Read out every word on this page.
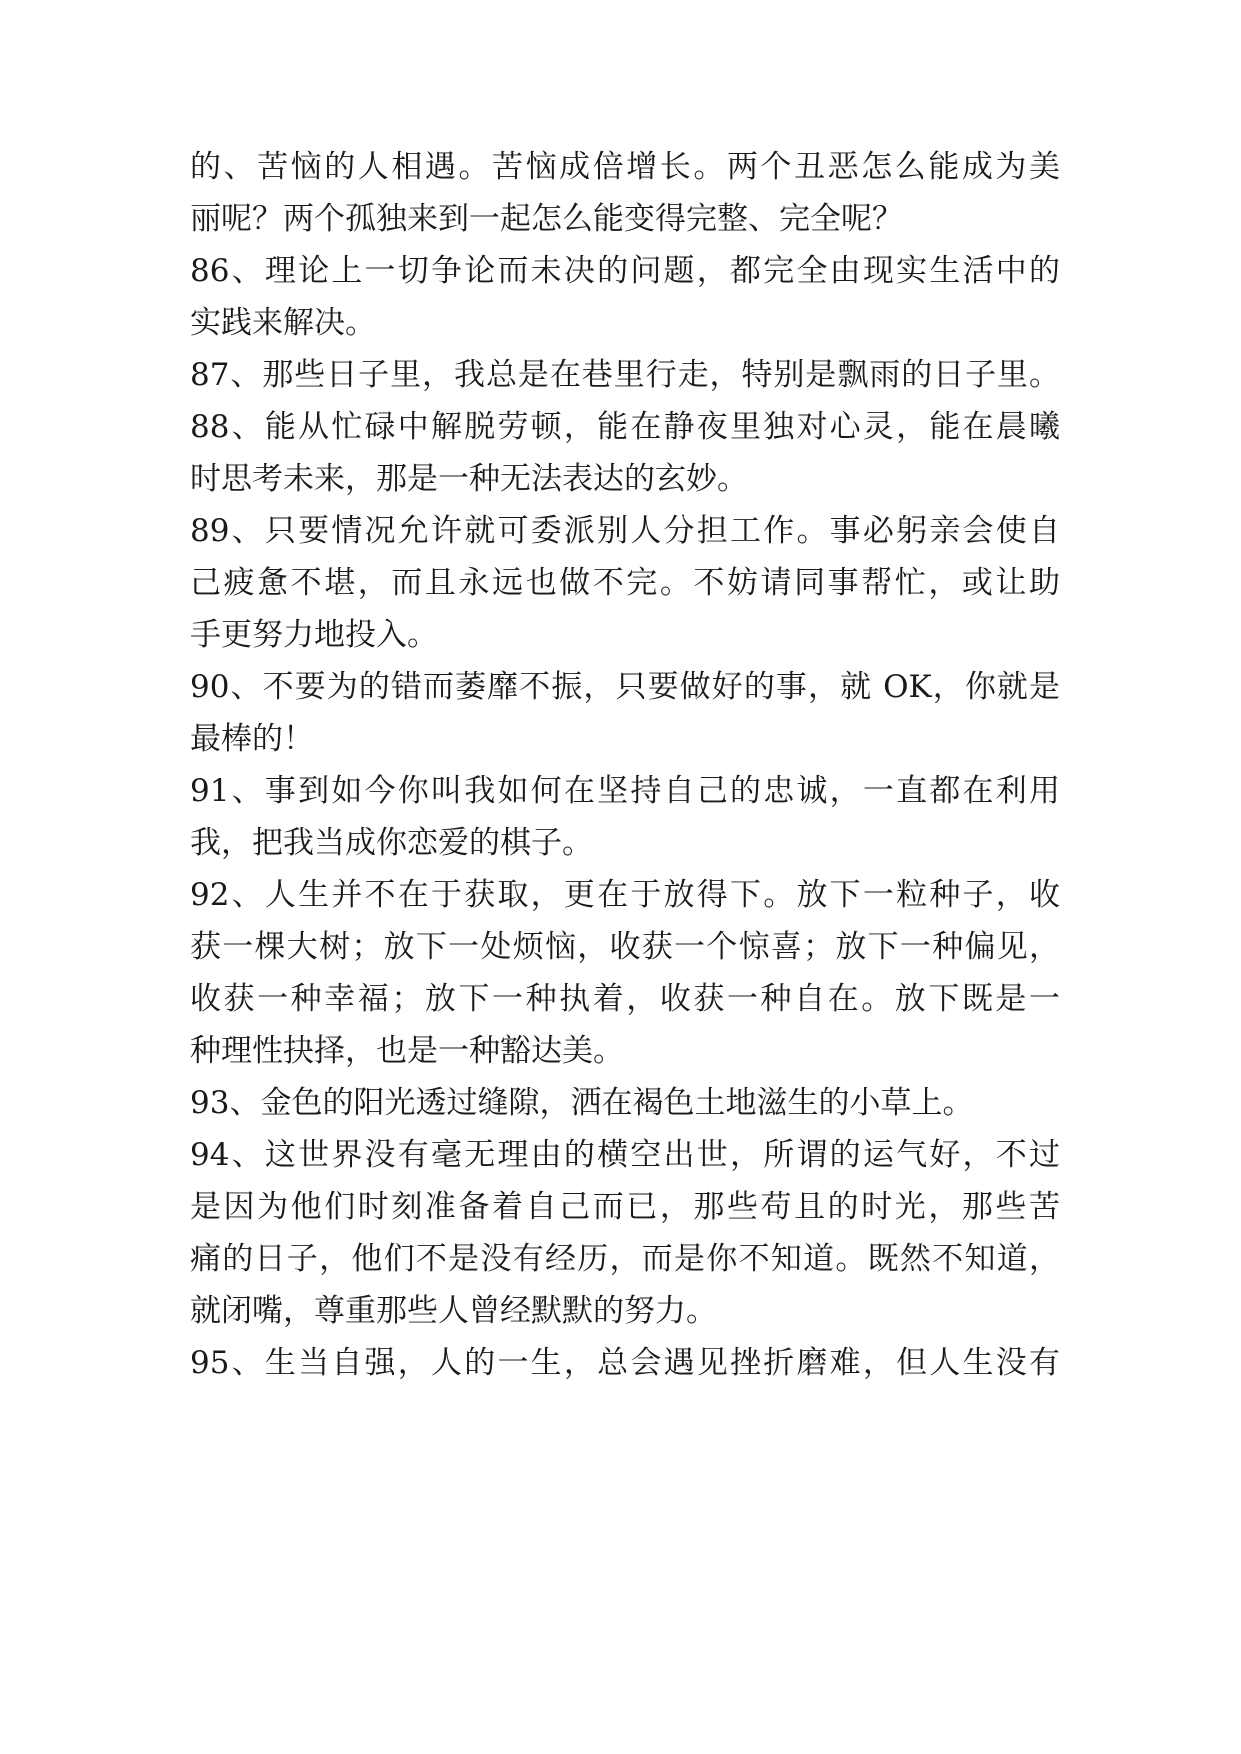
的、苦恼的人相遇。苦恼成倍增长。两个丑恶怎么能成为美
丽呢？两个孤独来到一起怎么能变得完整、完全呢？
86、理论上一切争论而未决的问题，都完全由现实生活中的
实践来解决。
87、那些日子里，我总是在巷里行走，特别是飘雨的日子里。
88、能从忙碌中解脱劳顿，能在静夜里独对心灵，能在晨曦
时思考未来，那是一种无法表达的玄妙。
89、只要情况允许就可委派别人分担工作。事必躬亲会使自
己疲惫不堪，而且永远也做不完。不妨请同事帮忙，或让助
手更努力地投入。
90、不要为的错而萎靡不振，只要做好的事，就 OK，你就是
最棒的！
91、事到如今你叫我如何在坚持自己的忠诚，一直都在利用
我，把我当成你恋爱的棋子。
92、人生并不在于获取，更在于放得下。放下一粒种子，收
获一棵大树；放下一处烦恼，收获一个惊喜；放下一种偏见，
收获一种幸福；放下一种执着，收获一种自在。放下既是一
种理性抉择，也是一种豁达美。
93、金色的阳光透过缝隙，洒在褐色土地滋生的小草上。
94、这世界没有毫无理由的横空出世，所谓的运气好，不过
是因为他们时刻准备着自己而已，那些苟且的时光，那些苦
痛的日子，他们不是没有经历，而是你不知道。既然不知道，
就闭嘴，尊重那些人曾经默默的努力。
95、生当自强，人的一生，总会遇见挫折磨难，但人生没有
